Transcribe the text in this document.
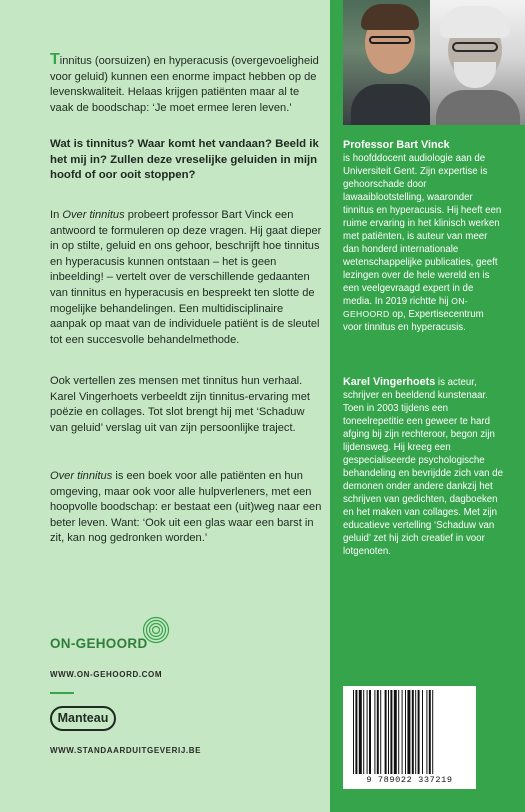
Tinnitus (oorsuizen) en hyperacusis (overgevoeligheid voor geluid) kunnen een enorme impact hebben op de levenskwaliteit. Helaas krijgen patiënten maar al te vaak de boodschap: ‘Je moet ermee leren leven.’
Wat is tinnitus? Waar komt het vandaan? Beeld ik het mij in? Zullen deze vreselijke geluiden in mijn hoofd of oor ooit stoppen?
In Over tinnitus probeert professor Bart Vinck een antwoord te formuleren op deze vragen. Hij gaat dieper in op stilte, geluid en ons gehoor, beschrijft hoe tinnitus en hyperacusis kunnen ontstaan – het is geen inbeelding! – vertelt over de verschillende gedaanten van tinnitus en hyperacusis en bespreekt ten slotte de mogelijke behandelingen. Een multidisciplinaire aanpak op maat van de individuele patiënt is de sleutel tot een succesvolle behandelmethode.
Ook vertellen zes mensen met tinnitus hun verhaal. Karel Vingerhoets verbeeldt zijn tinnitus-ervaring met poëzie en collages. Tot slot brengt hij met ‘Schaduw van geluid’ verslag uit van zijn persoonlijke traject.
Over tinnitus is een boek voor alle patiënten en hun omgeving, maar ook voor alle hulpverleners, met een hoopvolle boodschap: er bestaat een (uit)weg naar een beter leven. Want: ‘Ook uit een glas waar een barst in zit, kan nog gedronken worden.’
ON-GEHOORD
WWW.ON-GEHOORD.COM
Manteau
WWW.STANDAARDUITGEVERIJ.BE
Professor Bart Vinck
is hoofddocent audiologie aan de Universiteit Gent. Zijn expertise is gehoorschade door lawaaiblootstelling, waaronder tinnitus en hyperacusis. Hij heeft een ruime ervaring in het klinisch werken met patiënten, is auteur van meer dan honderd internationale wetenschappelijke publicaties, geeft lezingen over de hele wereld en is een veelgevraagd expert in de media. In 2019 richtte hij ON-GEHOORD op, Expertisecentrum voor tinnitus en hyperacusis.
Karel Vingerhoets is acteur, schrijver en beeldend kunstenaar. Toen in 2003 tijdens een toneelrepetitie een geweer te hard afging bij zijn rechteroor, begon zijn lijdensweg. Hij kreeg een gespecialiseerde psychologische behandeling en bevrijdde zich van de demonen onder andere dankzij het schrijven van gedichten, dagboeken en het maken van collages. Met zijn educatieve vertelling ‘Schaduw van geluid’ zet hij zich creatief in voor lotgenoten.
9 789022 337219
